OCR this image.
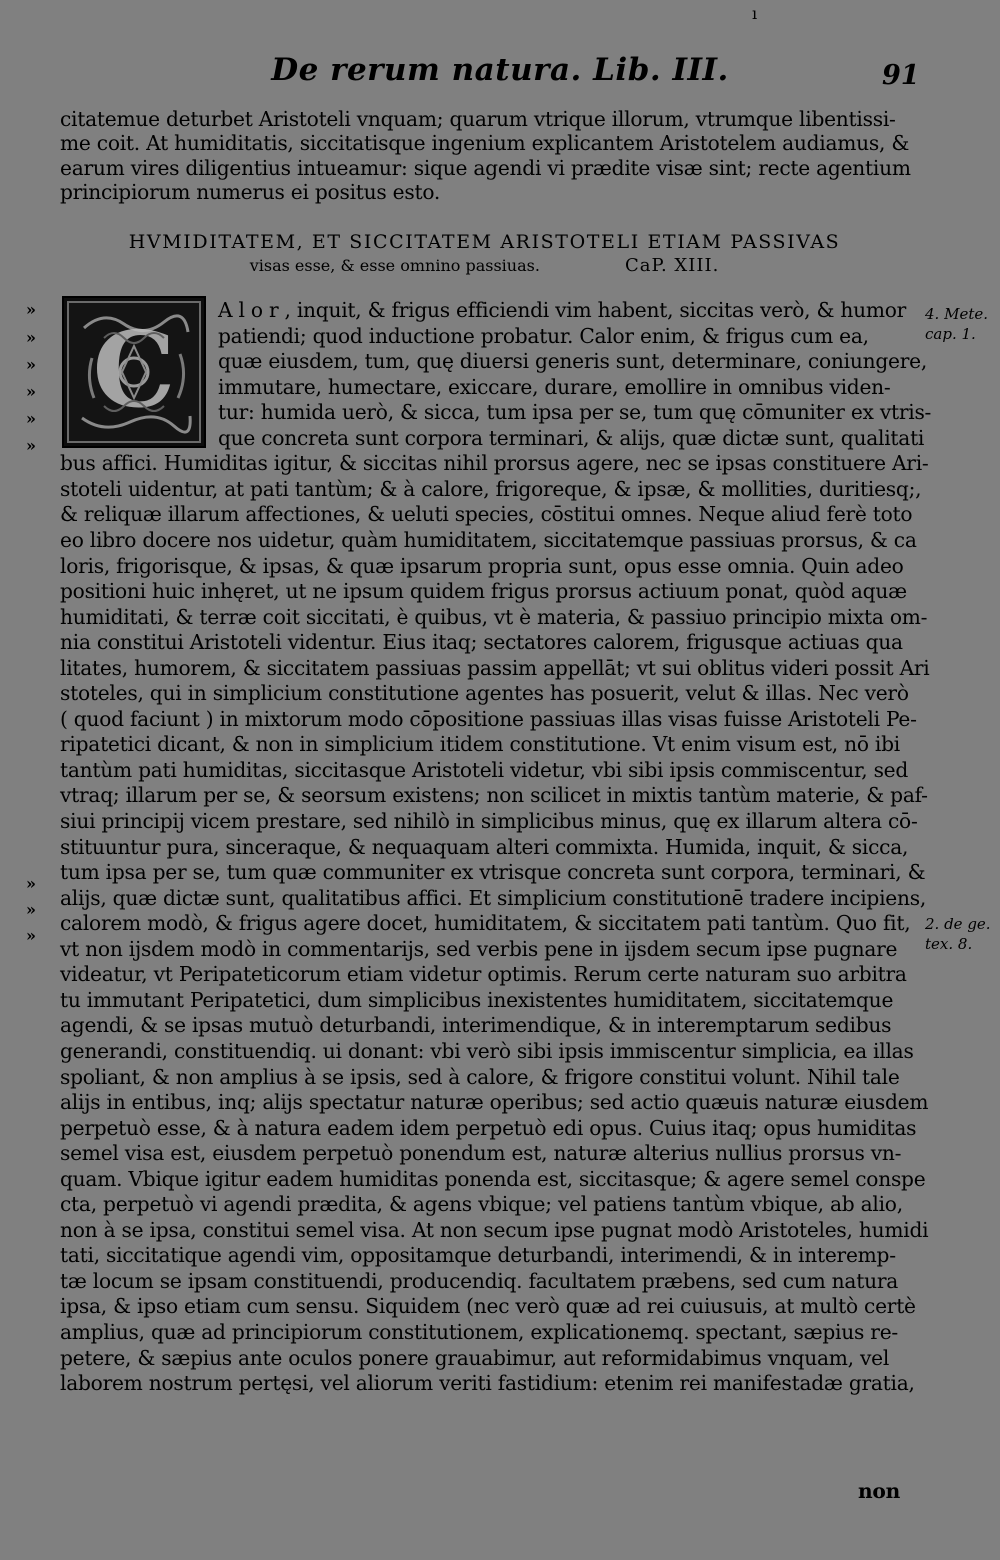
ı
De rerum natura. Lib. III.	91
citatemue deturbet Aristoteli vnquam; quarum vtrique illorum, vtrumque libentissi-
me coit. At humiditatis, siccitatisque ingenium explicantem Aristotelem audiamus, &
earum vires diligentius intueamur: sique agendi vi prædite visæ sint; recte agentium
principiorum numerus ei positus esto.
A l o r , inquit, & frigus efficiendi vim habent, siccitas verò, & humor
patiendi; quod inductione probatur. Calor enim, & frigus cum ea,
quæ eiusdem, tum, quę diuersi generis sunt, determinare, coniungere,
immutare, humectare, exiccare, durare, emollire in omnibus viden-
tur: humida uerò, & sicca, tum ipsa per se, tum quę cōmuniter ex vtris-
que concreta sunt corpora terminari, & alijs, quæ dictæ sunt, qualitati
bus affici. Humiditas igitur, & siccitas nihil prorsus agere, nec se ipsas constituere Ari-
stoteli uidentur, at pati tantùm; & à calore, frigoreque, & ipsæ, & mollities, duritiesq;,
& reliquæ illarum affectiones, & ueluti species, cōstitui omnes. Neque aliud ferè toto
eo libro docere nos uidetur, quàm humiditatem, siccitatemque passiuas prorsus, & ca
loris, frigorisque, & ipsas, & quæ ipsarum propria sunt, opus esse omnia. Quin adeo
positioni huic inhęret, ut ne ipsum quidem frigus prorsus actiuum ponat, quòd aquæ
humiditati, & terræ coit siccitati, è quibus, vt è materia, & passiuo principio mixta om-
nia constitui Aristoteli videntur. Eius itaq; sectatores calorem, frigusque actiuas qua
litates, humorem, & siccitatem passiuas passim appellāt; vt sui oblitus videri possit Ari
stoteles, qui in simplicium constitutione agentes has posuerit, velut & illas. Nec verò
( quod faciunt ) in mixtorum modo cōpositione passiuas illas visas fuisse Aristoteli Pe-
ripatetici dicant, & non in simplicium itidem constitutione. Vt enim visum est, nō ibi
tantùm pati humiditas, siccitasque Aristoteli videtur, vbi sibi ipsis commiscentur, sed
vtraq; illarum per se, & seorsum existens; non scilicet in mixtis tantùm materie, & paf-
siui principij vicem prestare, sed nihilò in simplicibus minus, quę ex illarum altera cō-
stituuntur pura, sinceraque, & nequaquam alteri commixta. Humida, inquit, & sicca,
tum ipsa per se, tum quæ communiter ex vtrisque concreta sunt corpora, terminari, &
alijs, quæ dictæ sunt, qualitatibus affici. Et simplicium constitutionē tradere incipiens,
calorem modò, & frigus agere docet, humiditatem, & siccitatem pati tantùm. Quo fit,
vt non ijsdem modò in commentarijs, sed verbis pene in ijsdem secum ipse pugnare
videatur, vt Peripateticorum etiam videtur optimis. Rerum certe naturam suo arbitra
tu immutant Peripatetici, dum simplicibus inexistentes humiditatem, siccitatemque
agendi, & se ipsas mutuò deturbandi, interimendique, & in interemptarum sedibus
generandi, constituendiq. ui donant: vbi verò sibi ipsis immiscentur simplicia, ea illas
spoliant, & non amplius à se ipsis, sed à calore, & frigore constitui volunt. Nihil tale
alijs in entibus, inq; alijs spectatur naturæ operibus; sed actio quæuis naturæ eiusdem
perpetuò esse, & à natura eadem idem perpetuò edi opus. Cuius itaq; opus humiditas
semel visa est, eiusdem perpetuò ponendum est, naturæ alterius nullius prorsus vn-
quam. Vbique igitur eadem humiditas ponenda est, siccitasque; & agere semel conspe
cta, perpetuò vi agendi prædita, & agens vbique; vel patiens tantùm vbique, ab alio,
non à se ipsa, constitui semel visa. At non secum ipse pugnat modò Aristoteles, humidi
tati, siccitatique agendi vim, oppositamque deturbandi, interimendi, & in interemp-
tæ locum se ipsam constituendi, producendiq. facultatem præbens, sed cum natura
ipsa, & ipso etiam cum sensu. Siquidem (nec verò quæ ad rei cuiusuis, at multò certè
amplius, quæ ad principiorum constitutionem, explicationemq. spectant, sæpius re-
petere, & sæpius ante oculos ponere grauabimur, aut reformidabimus vnquam, vel
laborem nostrum pertęsi, vel aliorum veriti fastidium: etenim rei manifestadæ gratia,
non
HVMIDITATEM, ET SICCITATEM ARISTOTELI ETIAM PASSIVAS
visas esse, & esse omnino passiuas.	CaP. XIII.
C
»
»
»
»
»
»
»
»
»
4. Mete.
cap. 1.
2. de ge.
tex. 8.
